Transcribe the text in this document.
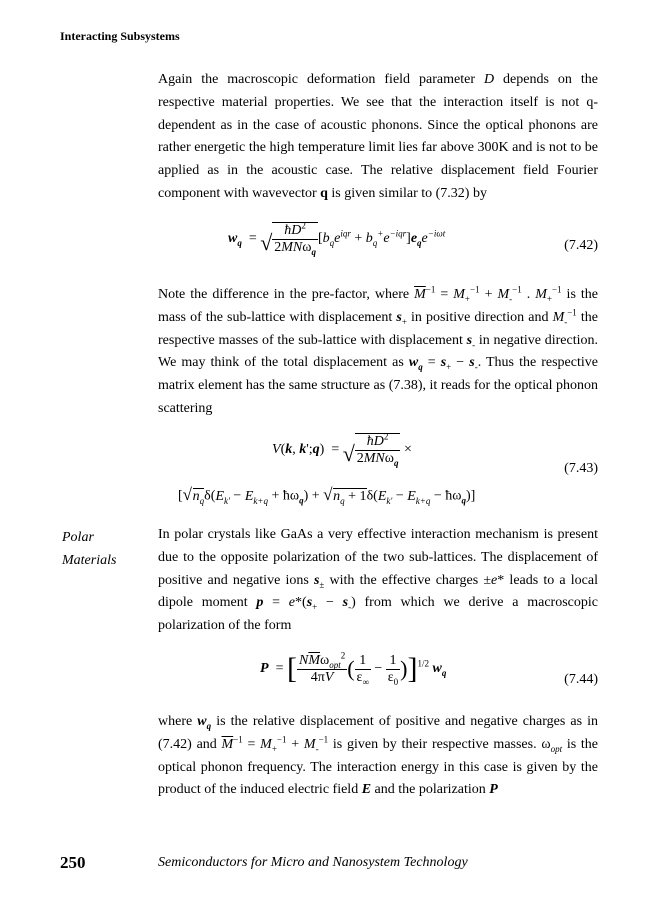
Interacting Subsystems
Again the macroscopic deformation field parameter D depends on the respective material properties. We see that the interaction itself is not q-dependent as in the case of acoustic phonons. Since the optical phonons are rather energetic the high temperature limit lies far above 300K and is not to be applied as in the acoustic case. The relative displacement field Fourier component with wavevector q is given similar to (7.32) by
$w_q$  = √ $\frac{ħD^2}{2MN\omega_q} [b_qe^{iqr} + b_q^+e^{-iqr}]e_qe^{-i\omega t}$
(7.42)
Note the difference in the pre-factor, where $\overline{M}^{-1} = M_+^{-1} + M_-^{-1}$ . $M_+^{-1}$ is the mass of the sub-lattice with displacement $s_+$ in positive direction and $M_-^{-1}$ the respective masses of the sub-lattice with displacement $s_-$ in negative direction. We may think of the total displacement as $w_q = s_+ - s_-$. Thus the respective matrix element has the same structure as (7.38), it reads for the optical phonon scattering
V(k, k';q)  = √ $\frac{ħD^2}{2MN\omega_q}$ ×
(7.43)
[ √ $n_q\delta(E_{k'} - E_{k+q}$ + $ħ\omega_q$) + √ $n_q + 1\delta(E_{k'} - E_{k+q}$ − $ħ\omega_q$)]
Polar
Materials
In polar crystals like GaAs a very effective interaction mechanism is present due to the opposite polarization of the two sub-lattices. The displacement of positive and negative ions $s_\pm$ with the effective charges ±e* leads to a local dipole moment $p = e*(s_+ - s_-)$ from which we derive a macroscopic polarization of the form
P  = [ $\frac{N\overline{M}\omega_{opt}^2}{4\pi V}$ ( $\frac{1}{\varepsilon_\infty} - \frac{1}{\varepsilon_0} )]^{1/2}$ $w_q$	(7.44)
where $w_q$ is the relative displacement of positive and negative charges as in (7.42) and $\overline{M}^{-1} = M_+^{-1} + M_-^{-1}$ is given by their respective masses. $\omega_{opt}$ is the optical phonon frequency. The interaction energy in this case is given by the product of the induced electric field E and the polarization P
250	Semiconductors for Micro and Nanosystem Technology
